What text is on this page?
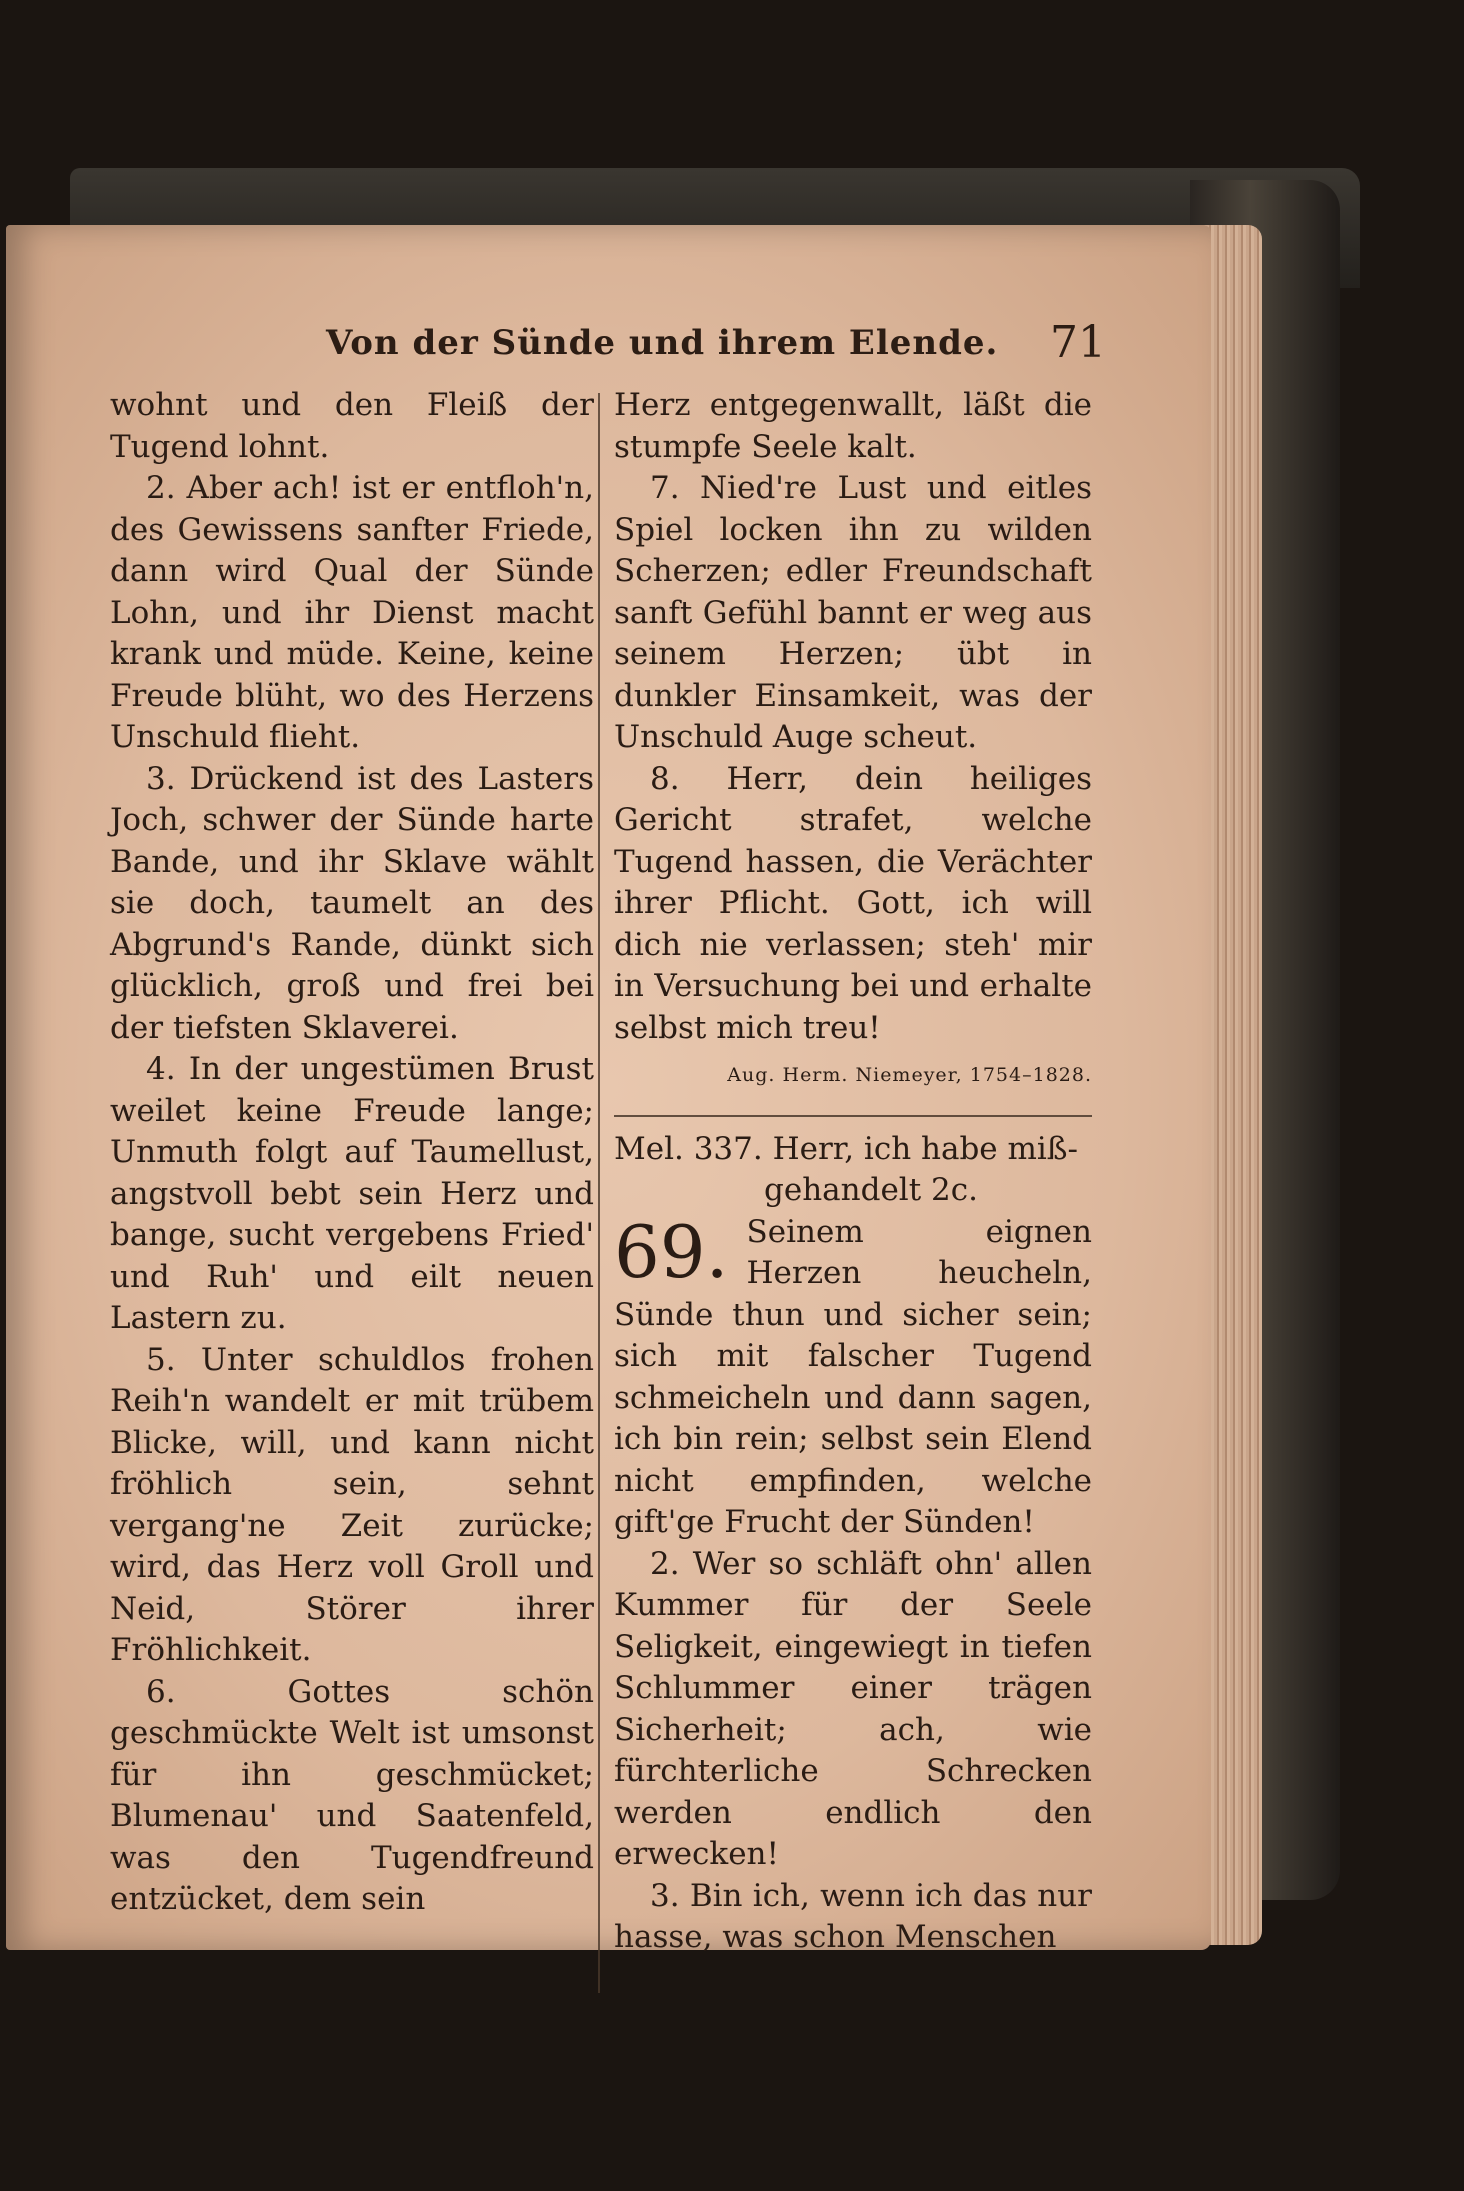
Von der Sünde und ihrem Elende. 71

wohnt und den Fleiß der Tugend lohnt.

2. Aber ach! ist er entfloh'n, des Gewissens sanfter Friede, dann wird Qual der Sünde Lohn, und ihr Dienst macht krank und müde. Keine, keine Freude blüht, wo des Herzens Unschuld flieht.

3. Drückend ist des Lasters Joch, schwer der Sünde harte Bande, und ihr Sklave wählt sie doch, taumelt an des Abgrund's Rande, dünkt sich glücklich, groß und frei bei der tiefsten Sklaverei.

4. In der ungestümen Brust weilet keine Freude lange; Unmuth folgt auf Taumellust, angstvoll bebt sein Herz und bange, sucht vergebens Fried' und Ruh' und eilt neuen Lastern zu.

5. Unter schuldlos frohen Reih'n wandelt er mit trübem Blicke, will, und kann nicht fröhlich sein, sehnt vergang'ne Zeit zurücke; wird, das Herz voll Groll und Neid, Störer ihrer Fröhlichkeit.

6. Gottes schön geschmückte Welt ist umsonst für ihn geschmücket; Blumenau' und Saatenfeld, was den Tugendfreund entzücket, dem sein

Herz entgegenwallt, läßt die stumpfe Seele kalt.

7. Nied're Lust und eitles Spiel locken ihn zu wilden Scherzen; edler Freundschaft sanft Gefühl bannt er weg aus seinem Herzen; übt in dunkler Einsamkeit, was der Unschuld Auge scheut.

8. Herr, dein heiliges Gericht strafet, welche Tugend hassen, die Verächter ihrer Pflicht. Gott, ich will dich nie verlassen; steh' mir in Versuchung bei und erhalte selbst mich treu!

Aug. Herm. Niemeyer, 1754–1828.

Mel. 337. Herr, ich habe miß-

gehandelt 2c.

69. Seinem eignen Herzen heucheln, Sünde thun und sicher sein; sich mit falscher Tugend schmeicheln und dann sagen, ich bin rein; selbst sein Elend nicht empfinden, welche gift'ge Frucht der Sünden!

2. Wer so schläft ohn' allen Kummer für der Seele Seligkeit, eingewiegt in tiefen Schlummer einer trägen Sicherheit; ach, wie fürchterliche Schrecken werden endlich den erwecken!

3. Bin ich, wenn ich das nur hasse, was schon Menschen
